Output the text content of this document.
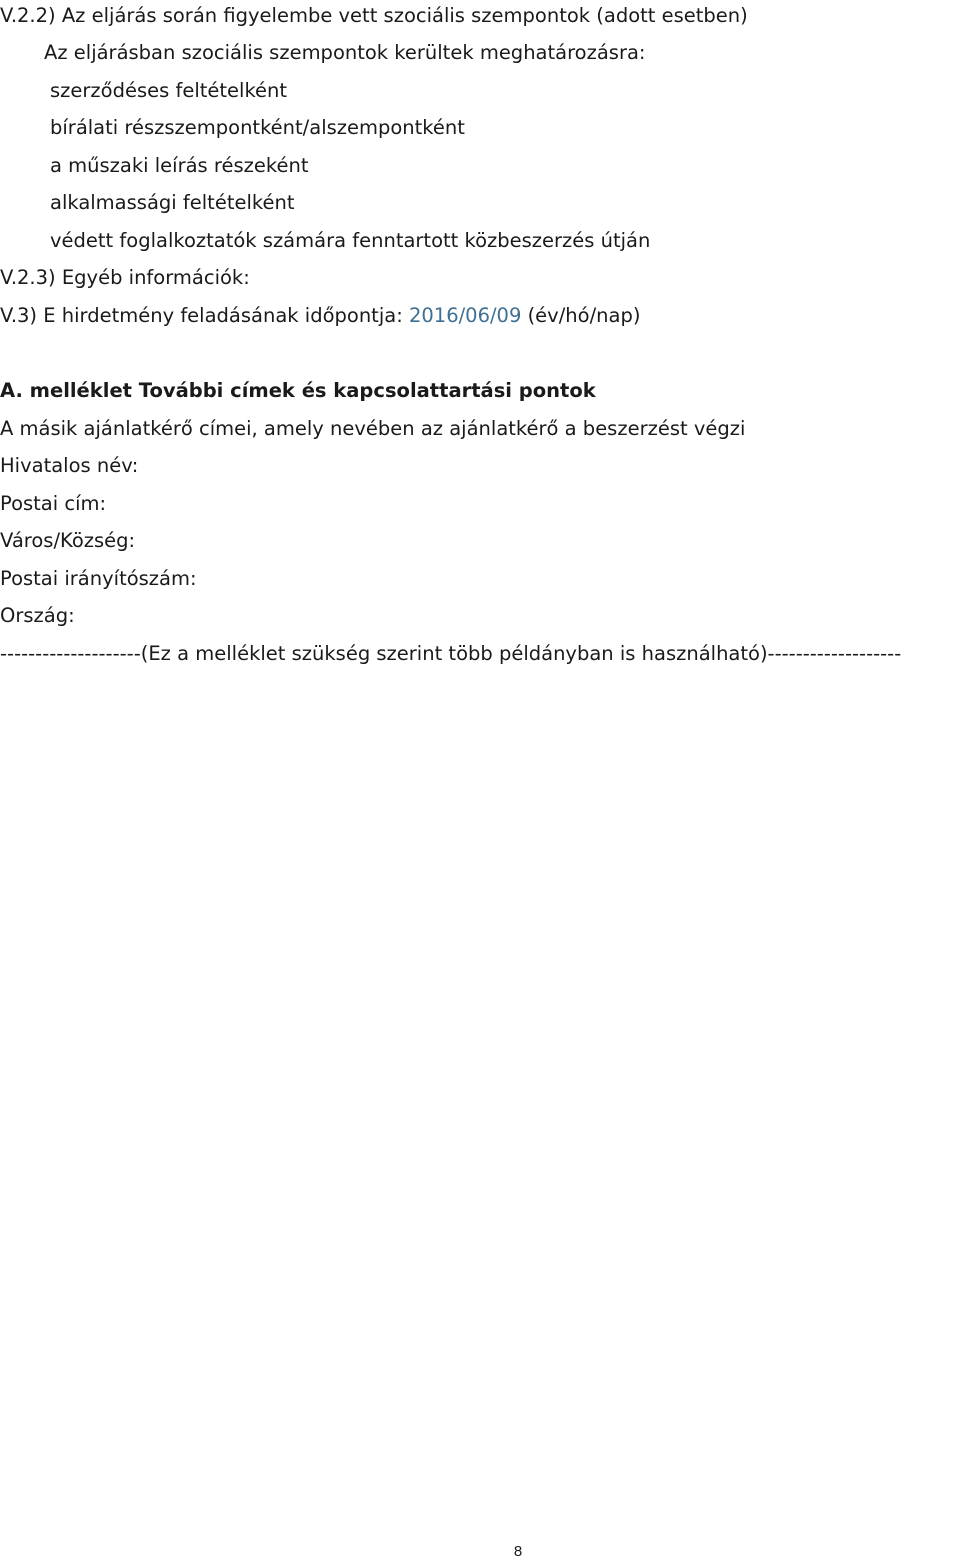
V.2.2) Az eljárás során figyelembe vett szociális szempontok (adott esetben)
Az eljárásban szociális szempontok kerültek meghatározásra:
szerződéses feltételként
bírálati részszempontként/alszempontként
a műszaki leírás részeként
alkalmassági feltételként
védett foglalkoztatók számára fenntartott közbeszerzés útján
V.2.3) Egyéb információk:
V.3) E hirdetmény feladásának időpontja: 2016/06/09 (év/hó/nap)
A. melléklet További címek és kapcsolattartási pontok
A másik ajánlatkérő címei, amely nevében az ajánlatkérő a beszerzést végzi
Hivatalos név:
Postai cím:
Város/Község:
Postai irányítószám:
Ország:
--------------------(Ez a melléklet szükség szerint több példányban is használható)-------------------
8
